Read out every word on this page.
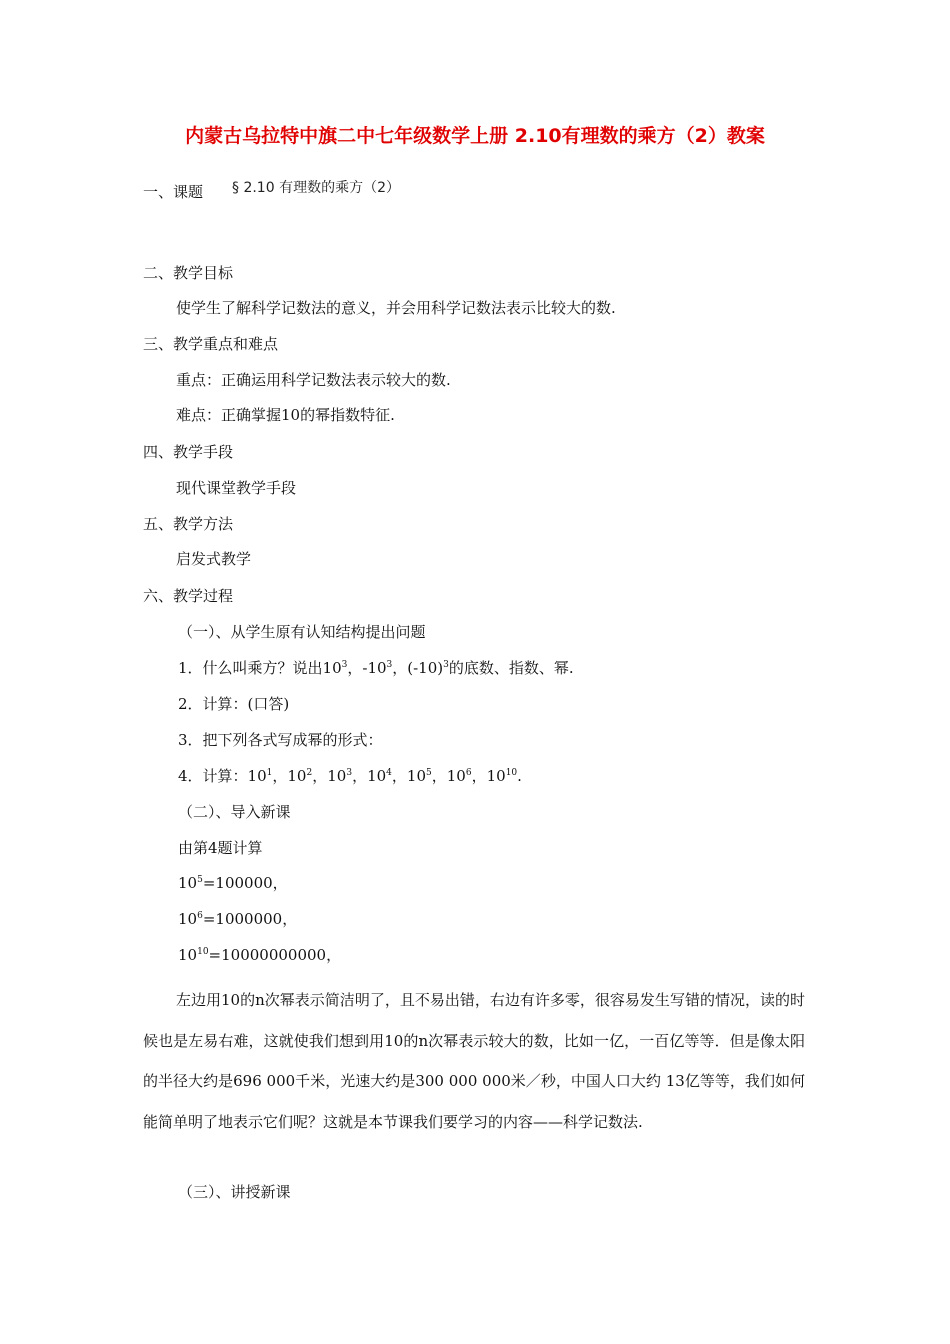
内蒙古乌拉特中旗二中七年级数学上册 2.10有理数的乘方（2）教案
一、课题 § 2.10 有理数的乘方（2）
二、教学目标
使学生了解科学记数法的意义，并会用科学记数法表示比较大的数.
三、教学重点和难点
重点：正确运用科学记数法表示较大的数.
难点：正确掌握10的幂指数特征.
四、教学手段
现代课堂教学手段
五、教学方法
启发式教学
六、教学过程
（一）、从学生原有认知结构提出问题
1．什么叫乘方？说出$10^3$，$-10^3$，$(-10)^3$的底数、指数、幂.
2．计算：(口答)
3．把下列各式写成幂的形式：
4．计算：$10^1$，$10^2$，$10^3$，$10^4$，$10^5$，$10^6$，$10^{10}$.
（二）、导入新课
由第4题计算
$10^5=100000$，
$10^6=1000000$，
$10^{10}=10000000000$，
左边用10的n次幂表示简洁明了，且不易出错，右边有许多零，很容易发生写错的情况，读的时候也是左易右难，这就使我们想到用10的n次幂表示较大的数，比如一亿，一百亿等等．但是像太阳的半径大约是696 000千米，光速大约是300 000 000米／秒，中国人口大约 13亿等等，我们如何能简单明了地表示它们呢？这就是本节课我们要学习的内容——科学记数法.
（三）、讲授新课
